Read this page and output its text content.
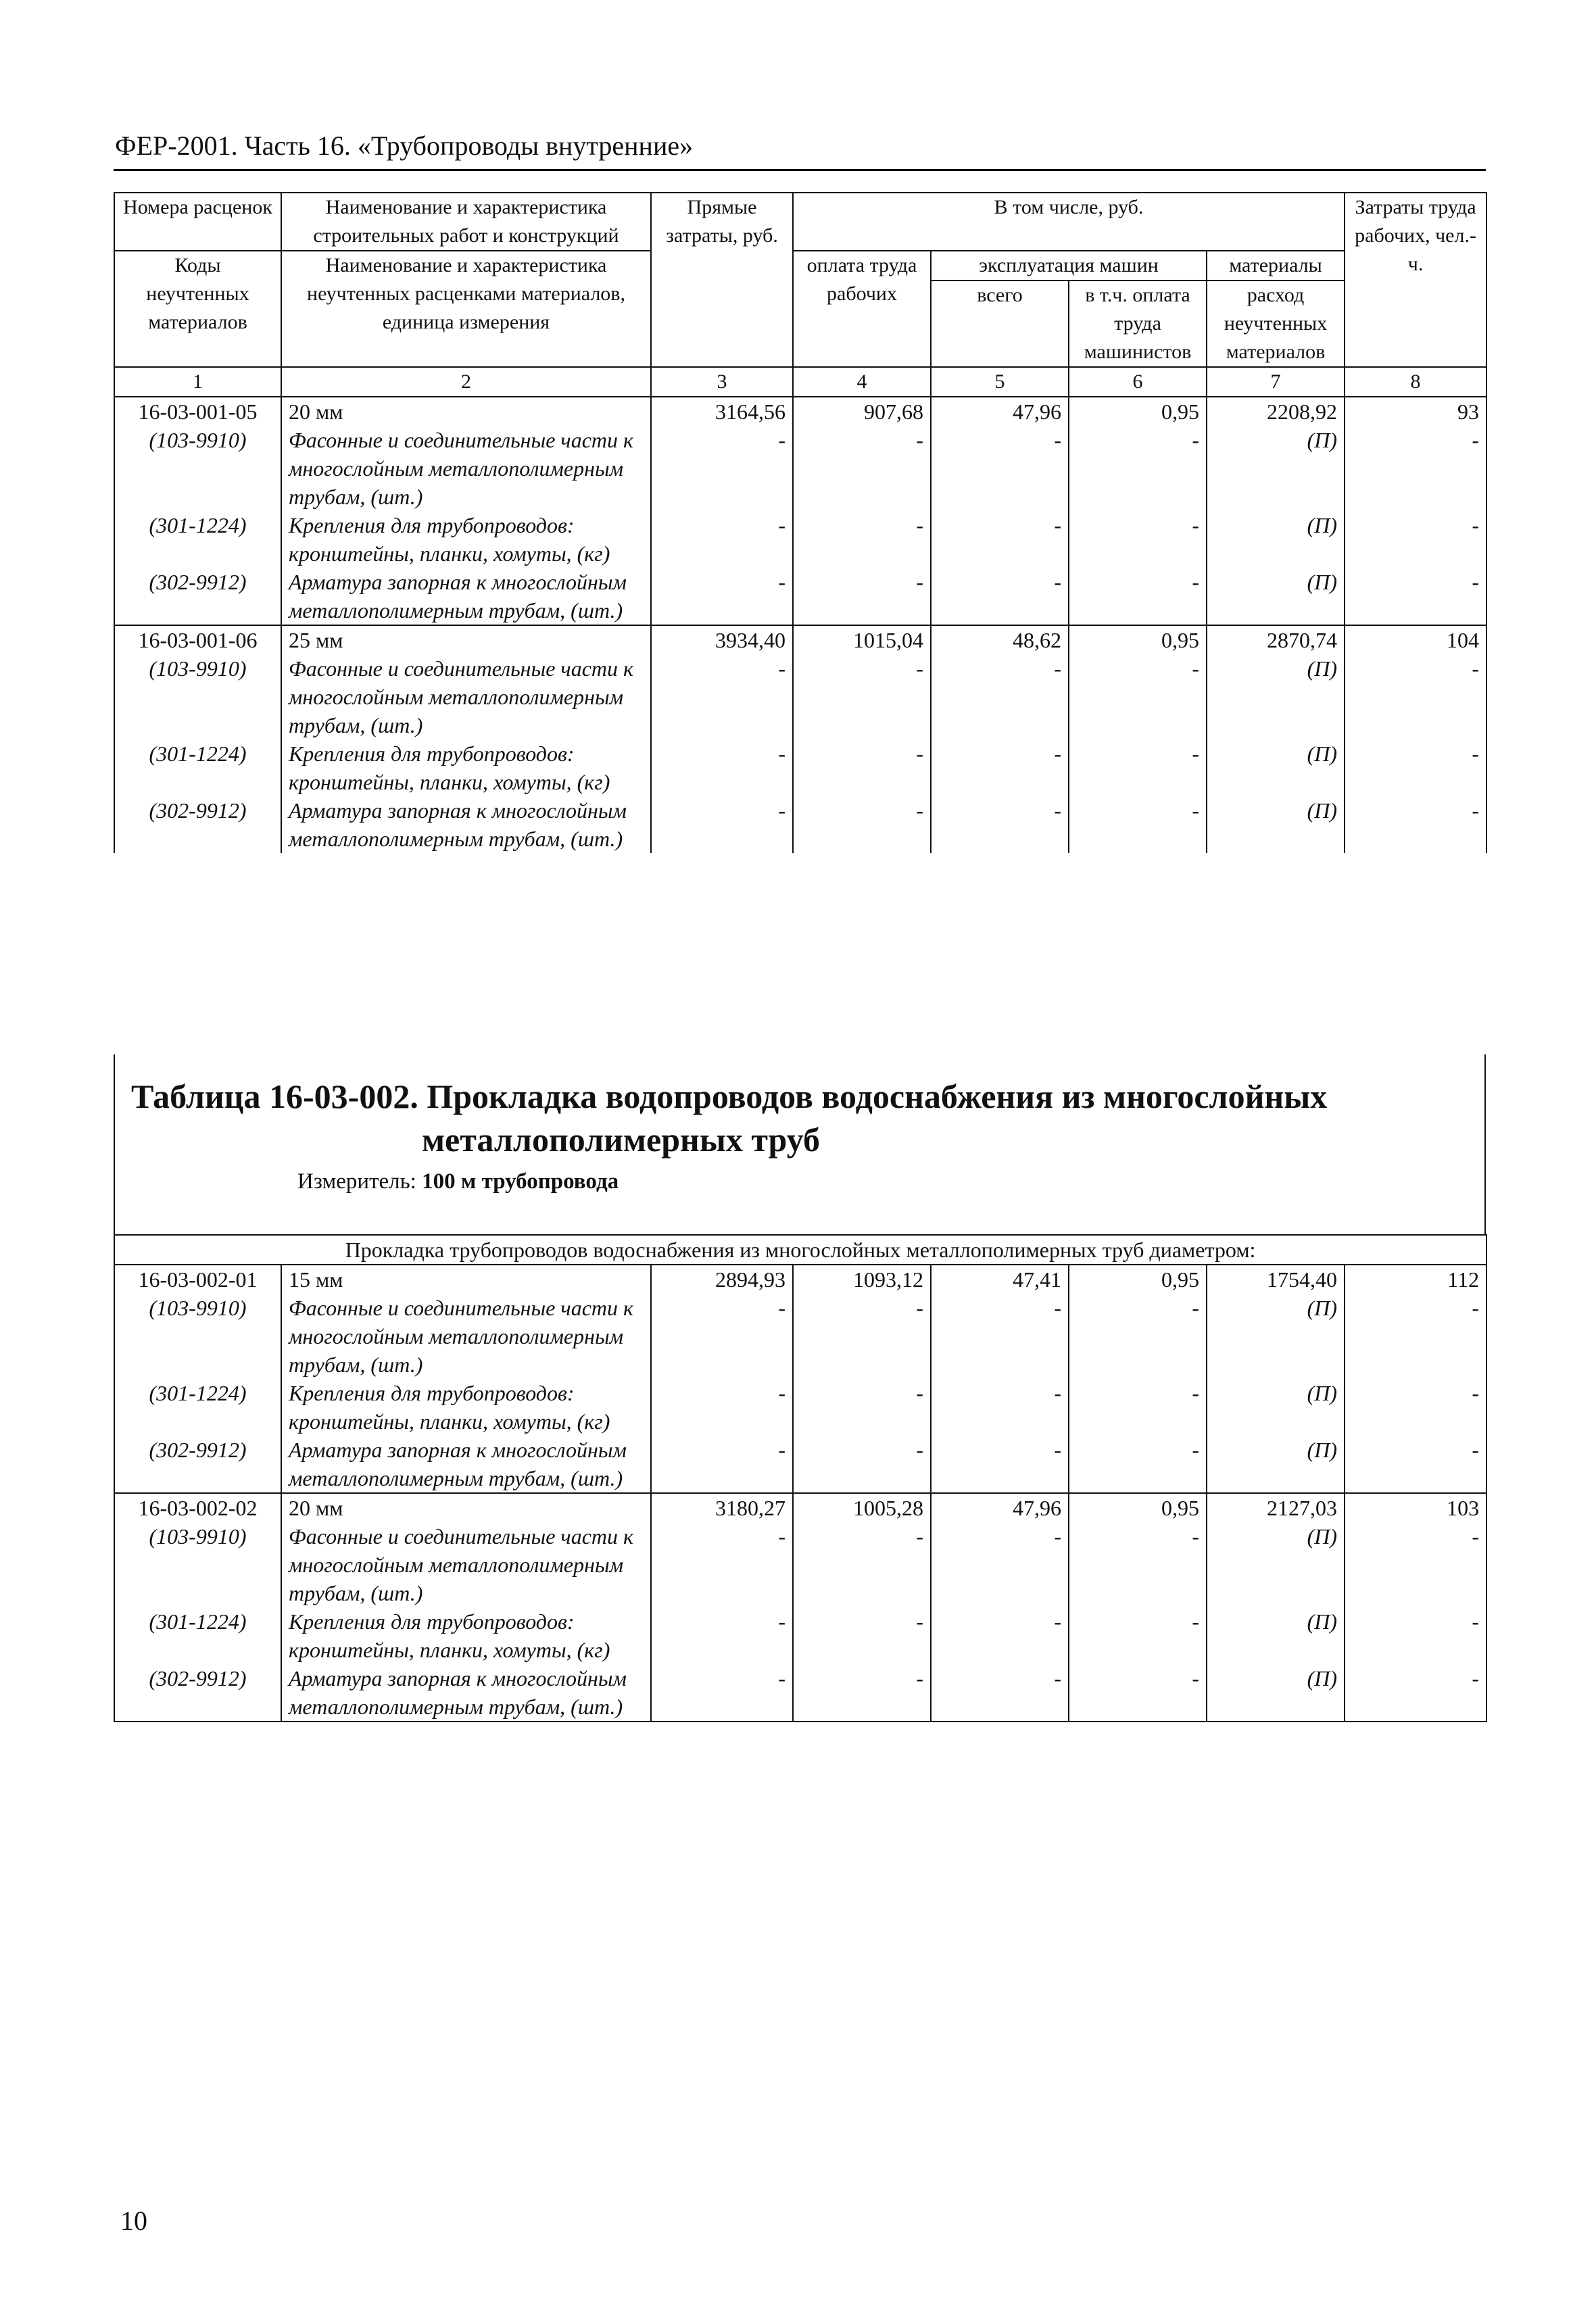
ФЕР-2001. Часть 16. «Трубопроводы внутренние»
Номера расценок	Наименование и характеристика строительных работ и конструкций	Прямые затраты, руб.	В том числе, руб.				Затраты труда рабочих, чел.-ч.
Коды неучтенных материалов	Наименование и характеристика неучтенных расценками материалов, единица измерения		оплата труда рабочих	эксплуатация машин		материалы	
				всего	в т.ч. оплата труда машинистов	расход неучтенных материалов	
1	2	3	4	5	6	7	8
16-03-001-05	20 мм	3164,56	907,68	47,96	0,95	2208,92	93
(103-9910)	Фасонные и соединительные части к многослойным металлополимерным трубам, (шт.)	-	-	-	-	(П)	-
(301-1224)	Крепления для трубопроводов: кронштейны, планки, хомуты, (кг)	-	-	-	-	(П)	-
(302-9912)	Арматура запорная к многослойным металлополимерным трубам, (шт.)	-	-	-	-	(П)	-
16-03-001-06	25 мм	3934,40	1015,04	48,62	0,95	2870,74	104
(103-9910)	Фасонные и соединительные части к многослойным металлополимерным трубам, (шт.)	-	-	-	-	(П)	-
(301-1224)	Крепления для трубопроводов: кронштейны, планки, хомуты, (кг)	-	-	-	-	(П)	-
(302-9912)	Арматура запорная к многослойным металлополимерным трубам, (шт.)	-	-	-	-	(П)	-
Таблица 16-03-002. Прокладка водопроводов водоснабжения из многослойных
металлополимерных труб
Измеритель: 100 м трубопровода
Прокладка трубопроводов водоснабжения из многослойных металлополимерных труб диаметром:							
16-03-002-01	15 мм	2894,93	1093,12	47,41	0,95	1754,40	112
(103-9910)	Фасонные и соединительные части к многослойным металлополимерным трубам, (шт.)	-	-	-	-	(П)	-
(301-1224)	Крепления для трубопроводов: кронштейны, планки, хомуты, (кг)	-	-	-	-	(П)	-
(302-9912)	Арматура запорная к многослойным металлополимерным трубам, (шт.)	-	-	-	-	(П)	-
16-03-002-02	20 мм	3180,27	1005,28	47,96	0,95	2127,03	103
(103-9910)	Фасонные и соединительные части к многослойным металлополимерным трубам, (шт.)	-	-	-	-	(П)	-
(301-1224)	Крепления для трубопроводов: кронштейны, планки, хомуты, (кг)	-	-	-	-	(П)	-
(302-9912)	Арматура запорная к многослойным металлополимерным трубам, (шт.)	-	-	-	-	(П)	-
10
